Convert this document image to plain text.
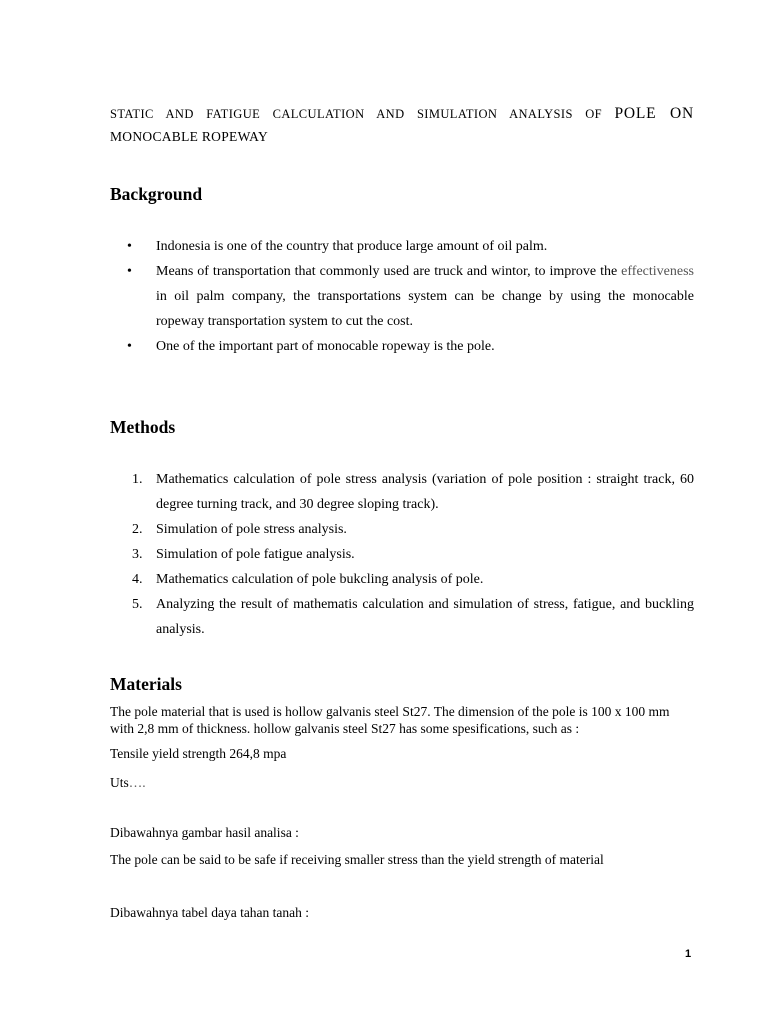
STATIC AND FATIGUE CALCULATION AND SIMULATION ANALYSIS OF POLE ON
MONOCABLE ROPEWAY
Background
• Indonesia is one of the country that produce large amount of oil palm.
• Means of transportation that commonly used are truck and wintor, to improve the effectiveness in oil palm company, the transportations system can be change by using the monocable ropeway transportation system to cut the cost.
• One of the important part of monocable ropeway is the pole.
Methods
1. Mathematics calculation of pole stress analysis (variation of pole position : straight track, 60 degree turning track, and 30 degree sloping track).
2. Simulation of pole stress analysis.
3. Simulation of pole fatigue analysis.
4. Mathematics calculation of pole bukcling analysis of pole.
5. Analyzing the result of mathematis calculation and simulation of stress, fatigue, and buckling analysis.
Materials

The pole material that is used is hollow galvanis steel St27. The dimension of the pole is 100 x 100 mm with 2,8 mm of thickness. hollow galvanis steel St27 has some spesifications, such as :

Tensile yield strength 264,8 mpa

Uts….

Dibawahnya gambar hasil analisa :

The pole can be said to be safe if receiving smaller stress than the yield strength of material

Dibawahnya tabel daya tahan tanah :

1
